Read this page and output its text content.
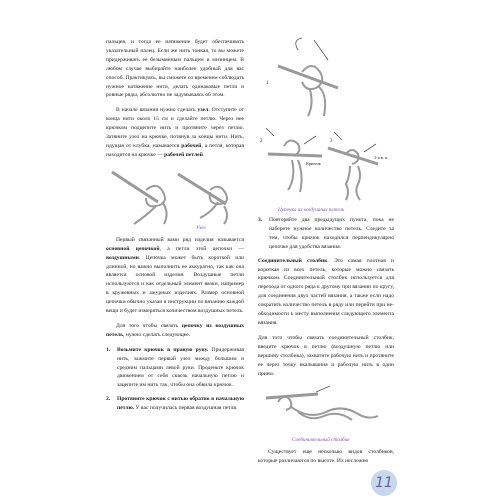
пальцев, и тогда ее натяжение будет обеспечивать указательный палец. Если же нить тонкая, то вы можете придерживать ее безымянным пальцем и мизинцем. В любом случае выбирайте наиболее удобный для вас способ. Практикуясь, вы сможете со временем соблюдать нужное натяжение нити, делать одинаковые петли и ровные ряды, абсолютно не задумываясь об этом.

В начале вязания нужно сделать узел. Отступите от конца нити около 15 см и сделайте петлю. Через нее крючком подцепите нить и протяните через петлю. Затяните узел на крючке, потянув за концы нити. Нить, идущая от клубка, называется рабочей, а петля, которая находится на крючке — рабочей петлей.

Узел

Первый связанный вами ряд изделия называется основной цепочкой, а петли этой цепочки — воздушными. Цепочка может быть короткой или длинной, но важно выполнить ее аккуратно, так как она является основой изделия. Воздушные петли используются и как отдельный элемент вязки, например в кружевных и ажурных изделиях. Размер основной цепочки обычно указан в инструкции по вязанию каждой вещи и будет измеряться количеством воздушных петель.

Для того чтобы связать цепочку из воздушных петель, нужно сделать следующее.

1.	Возьмите крючок в правую руку. Придерживая нить, зажмите первый узел между большим и средним пальцами левой руки. Проденьте крючок движением от себя сквозь начальную петлю и зацепите им нить так, чтобы она обвила крючок.
2.	Протяните крючок с нитью обратно в начальную петлю. У вас получилась первая воздушная петля.
1
2	3
Крючок
1-я в. п.
Цепочка из воздушных петель
3.	Повторяйте два предыдущих пункта, пока не наберете нужное количество петель. Следите за тем, чтобы крючок находился перпендикулярно цепочке для удобства вязания.

Соединительный столбик. Это самая плотная и короткая из всех петель, которые можно связать крючком. Соединительный столбик используется для перехода от одного ряда к другому при вязании по кругу, для соединения двух частей вязания, а также если надо сократить количество петель в ряду или перейти при необходимости к месту выполнения следующего элемента вязания.

Для того чтобы связать соединительный столбик, введите крючок в петлю (воздушную петлю или вершину столбика), захватите рабочую нить и протяните ее через точку вкалывания и рабочую нить в один прием.

Соединительный столбик

Существует еще несколько видов столбиков, которые различаются по высоте. Их несложно

11
